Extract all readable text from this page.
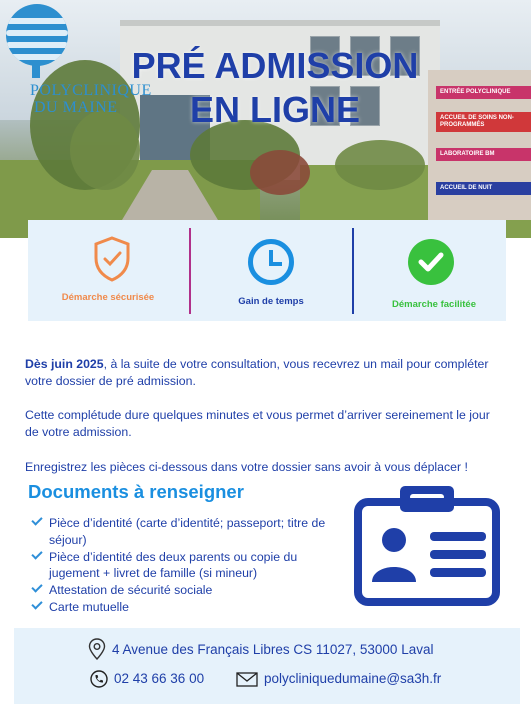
ENTRÉE POLYCLINIQUE
ACCUEIL DE SOINS NON-PROGRAMMÉS
LABORATOIRE BM
ACCUEIL DE NUIT
POLYCLINIQUE
DU MAINE
PRÉ ADMISSION
EN LIGNE
Démarche sécurisée	Gain de temps	Démarche facilitée
Dès juin 2025, à la suite de votre consultation, vous recevrez un mail pour compléter votre dossier de pré admission.
Cette complétude dure quelques minutes et vous permet d’arriver sereinement le jour de votre admission.
Enregistrez les pièces ci-dessous dans votre dossier sans avoir à vous déplacer !
Documents à renseigner
Pièce d’identité (carte d’identité; passeport; titre de séjour)
Pièce d’identité des deux parents ou copie du jugement + livret de famille (si mineur)
Attestation de sécurité sociale
Carte mutuelle
4 Avenue des Français Libres CS 11027, 53000 Laval
02 43 66 36 00	polycliniquedumaine@sa3h.fr
